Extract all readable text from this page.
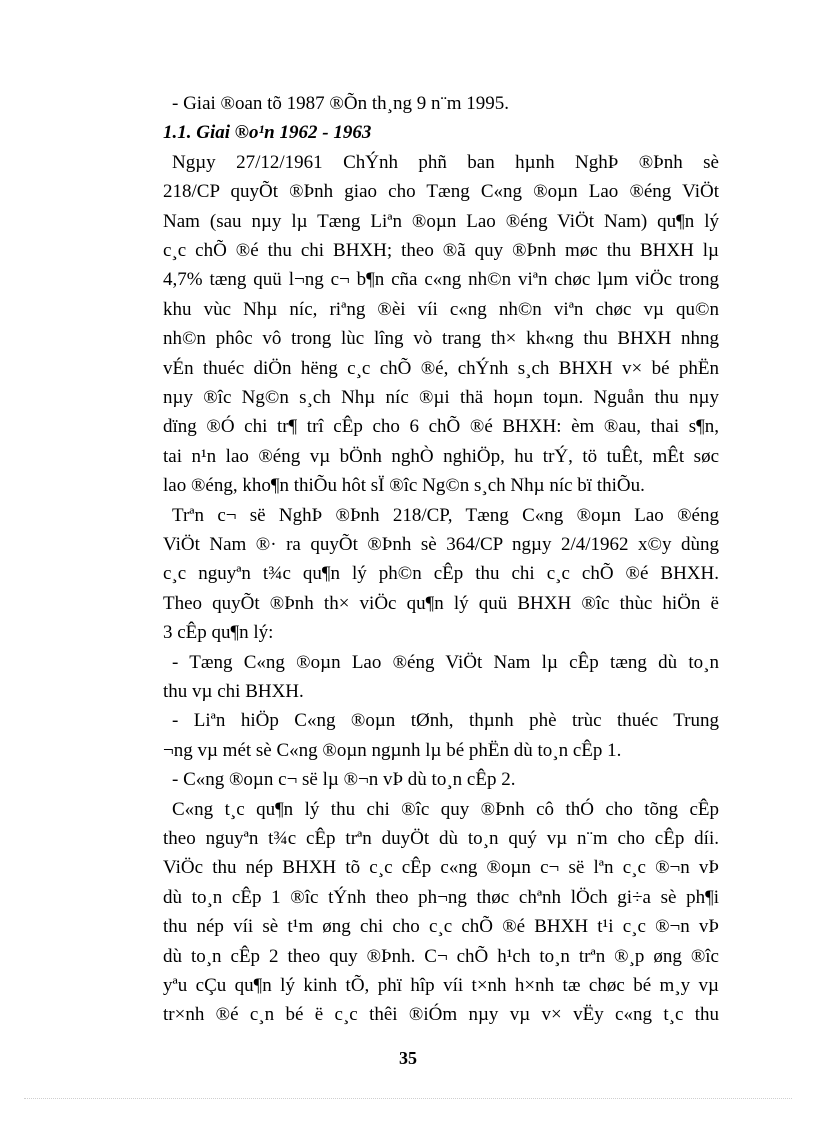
- Giai ®oan tõ 1987 ®Õn th¸ng 9 n¨m 1995.
1.1. Giai ®o¹n 1962 - 1963
Ngµy 27/12/1961 ChÝnh phñ ban hµnh NghÞ ®Þnh sè
218/CP quyÕt ®Þnh giao cho Tæng C«ng ®oµn Lao ®éng ViÖt
Nam (sau nµy lµ Tæng Liªn ®oµn Lao ®éng ViÖt Nam) qu¶n lý
c¸c chÕ ®é thu chi BHXH; theo ®ã quy ®Þnh møc thu BHXH lµ
4,7% tæng quü l¬ng c¬ b¶n cña c«ng nh©n viªn chøc lµm viÖc trong
khu vùc Nhµ níc, riªng ®èi víi c«ng nh©n viªn chøc vµ qu©n
nh©n phôc vô trong lùc lîng vò trang th× kh«ng thu BHXH nhng
vÉn thuéc diÖn hëng c¸c chÕ ®é, chÝnh s¸ch BHXH v× bé phËn
nµy ®îc Ng©n s¸ch Nhµ níc ®µi thä hoµn toµn. Nguån thu nµy
dïng ®Ó chi tr¶ trî cÊp cho 6 chÕ ®é BHXH: èm ®au, thai s¶n,
tai n¹n lao ®éng vµ bÖnh nghÒ nghiÖp, hu trÝ, tö tuÊt, mÊt søc
lao ®éng, kho¶n thiÕu hôt sÏ ®îc Ng©n s¸ch Nhµ níc bï thiÕu.
Trªn c¬ së NghÞ ®Þnh 218/CP, Tæng C«ng ®oµn Lao ®éng
ViÖt Nam ®· ra quyÕt ®Þnh sè 364/CP ngµy 2/4/1962 x©y dùng
c¸c nguyªn t¾c qu¶n lý ph©n cÊp thu chi c¸c chÕ ®é BHXH.
Theo quyÕt ®Þnh th× viÖc qu¶n lý quü BHXH ®îc thùc hiÖn ë
3 cÊp qu¶n lý:
- Tæng C«ng ®oµn Lao ®éng ViÖt Nam lµ cÊp tæng dù to¸n
thu vµ chi BHXH.
- Liªn hiÖp C«ng ®oµn tØnh, thµnh phè trùc thuéc Trung
¬ng vµ mét sè C«ng ®oµn ngµnh lµ bé phËn dù to¸n cÊp 1.
- C«ng ®oµn c¬ së lµ ®¬n vÞ dù to¸n cÊp 2.
C«ng t¸c qu¶n lý thu chi ®îc quy ®Þnh cô thÓ cho tõng cÊp
theo nguyªn t¾c cÊp trªn duyÖt dù to¸n quý vµ n¨m cho cÊp díi.
ViÖc thu nép BHXH tõ c¸c cÊp c«ng ®oµn c¬ së lªn c¸c ®¬n vÞ
dù to¸n cÊp 1 ®îc tÝnh theo ph¬ng thøc chªnh lÖch gi÷a sè ph¶i
thu nép víi sè t¹m øng chi cho c¸c chÕ ®é BHXH t¹i c¸c ®¬n vÞ
dù to¸n cÊp 2 theo quy ®Þnh. C¬ chÕ h¹ch to¸n trªn ®¸p øng ®îc
yªu cÇu qu¶n lý kinh tÕ, phï hîp víi t×nh h×nh tæ chøc bé m¸y vµ
tr×nh ®é c¸n bé ë c¸c thêi ®iÓm nµy vµ v× vËy c«ng t¸c thu
35
